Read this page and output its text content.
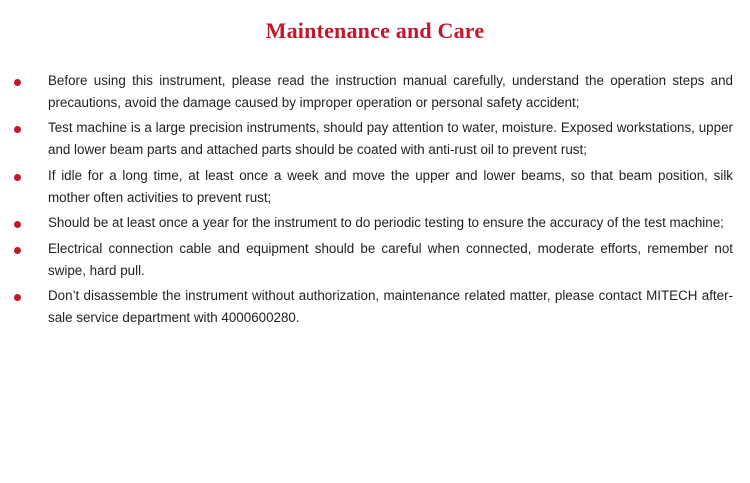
Maintenance and Care
Before using this instrument, please read the instruction manual carefully, understand the operation steps and precautions, avoid the damage caused by improper operation or personal safety accident;
Test machine is a large precision instruments, should pay attention to water, moisture. Exposed workstations, upper and lower beam parts and attached parts should be coated with anti-rust oil to prevent rust;
If idle for a long time, at least once a week and move the upper and lower beams, so that beam position, silk mother often activities to prevent rust;
Should be at least once a year for the instrument to do periodic testing to ensure the accuracy of the test machine;
Electrical connection cable and equipment should be careful when connected, moderate efforts, remember not swipe, hard pull.
Don’t disassemble the instrument without authorization, maintenance related matter, please contact MITECH after-sale service department with 4000600280.
